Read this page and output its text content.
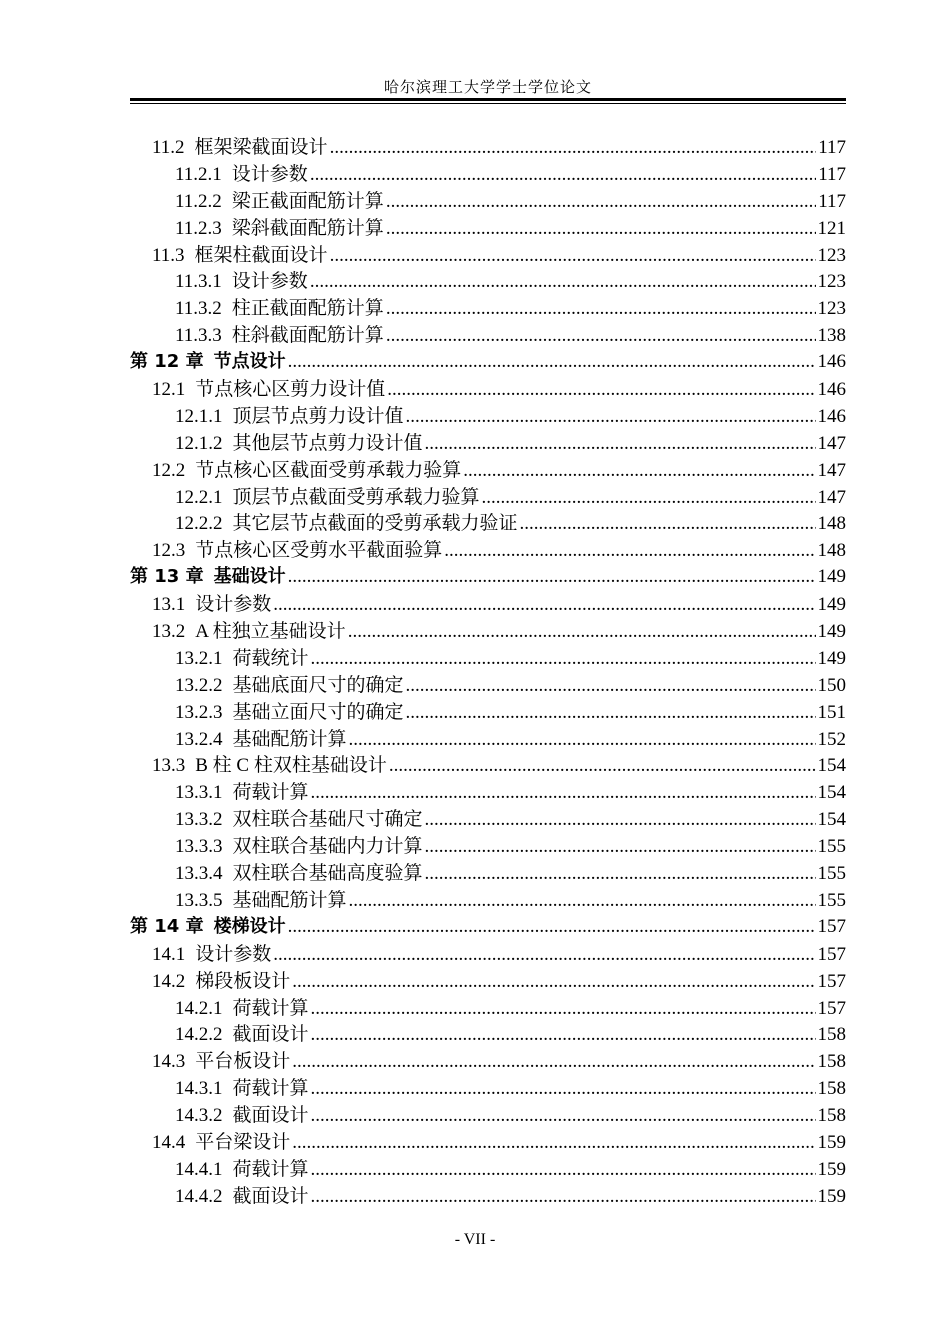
哈尔滨理工大学学士学位论文
11.2 框架梁截面设计 .....	117
11.2.1 设计参数 .....	117
11.2.2 梁正截面配筋计算 .....	117
11.2.3 梁斜截面配筋计算 .....	121
11.3 框架柱截面设计 .....	123
11.3.1 设计参数 .....	123
11.3.2 柱正截面配筋计算 .....	123
11.3.3 柱斜截面配筋计算 .....	138
第 12 章 节点设计 .....	146
12.1 节点核心区剪力设计值 .....	146
12.1.1 顶层节点剪力设计值 .....	146
12.1.2 其他层节点剪力设计值 .....	147
12.2 节点核心区截面受剪承载力验算 .....	147
12.2.1 顶层节点截面受剪承载力验算 .....	147
12.2.2 其它层节点截面的受剪承载力验证 .....	148
12.3 节点核心区受剪水平截面验算 .....	148
第 13 章 基础设计 .....	149
13.1 设计参数 .....	149
13.2 A 柱独立基础设计 .....	149
13.2.1 荷载统计 .....	149
13.2.2 基础底面尺寸的确定 .....	150
13.2.3 基础立面尺寸的确定 .....	151
13.2.4 基础配筋计算 .....	152
13.3 B 柱 C 柱双柱基础设计 .....	154
13.3.1 荷载计算 .....	154
13.3.2 双柱联合基础尺寸确定 .....	154
13.3.3 双柱联合基础内力计算 .....	155
13.3.4 双柱联合基础高度验算 .....	155
13.3.5 基础配筋计算 .....	155
第 14 章 楼梯设计 .....	157
14.1 设计参数 .....	157
14.2 梯段板设计 .....	157
14.2.1 荷载计算 .....	157
14.2.2 截面设计 .....	158
14.3 平台板设计 .....	158
14.3.1 荷载计算 .....	158
14.3.2 截面设计 .....	158
14.4 平台梁设计 .....	159
14.4.1 荷载计算 .....	159
14.4.2 截面设计 .....	159
- VII -
